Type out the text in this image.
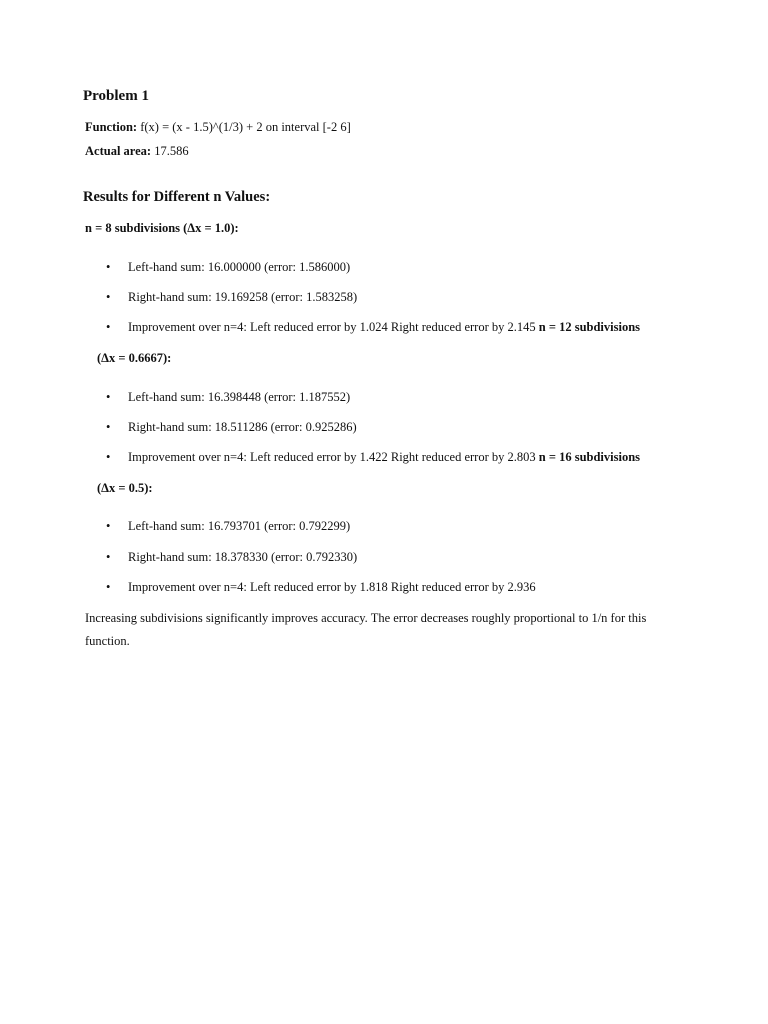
Problem 1
Function: f(x) = (x - 1.5)^(1/3) + 2 on interval [-2 6]
Actual area: 17.586
Results for Different n Values:
n = 8 subdivisions (Δx = 1.0):
• Left-hand sum: 16.000000 (error: 1.586000)
• Right-hand sum: 19.169258 (error: 1.583258)
• Improvement over n=4: Left reduced error by 1.024 Right reduced error by 2.145 n = 12 subdivisions
(Δx = 0.6667):
• Left-hand sum: 16.398448 (error: 1.187552)
• Right-hand sum: 18.511286 (error: 0.925286)
• Improvement over n=4: Left reduced error by 1.422 Right reduced error by 2.803 n = 16 subdivisions
(Δx = 0.5):
• Left-hand sum: 16.793701 (error: 0.792299)
• Right-hand sum: 18.378330 (error: 0.792330)
• Improvement over n=4: Left reduced error by 1.818 Right reduced error by 2.936

Increasing subdivisions significantly improves accuracy. The error decreases roughly proportional to 1/n for this function.
